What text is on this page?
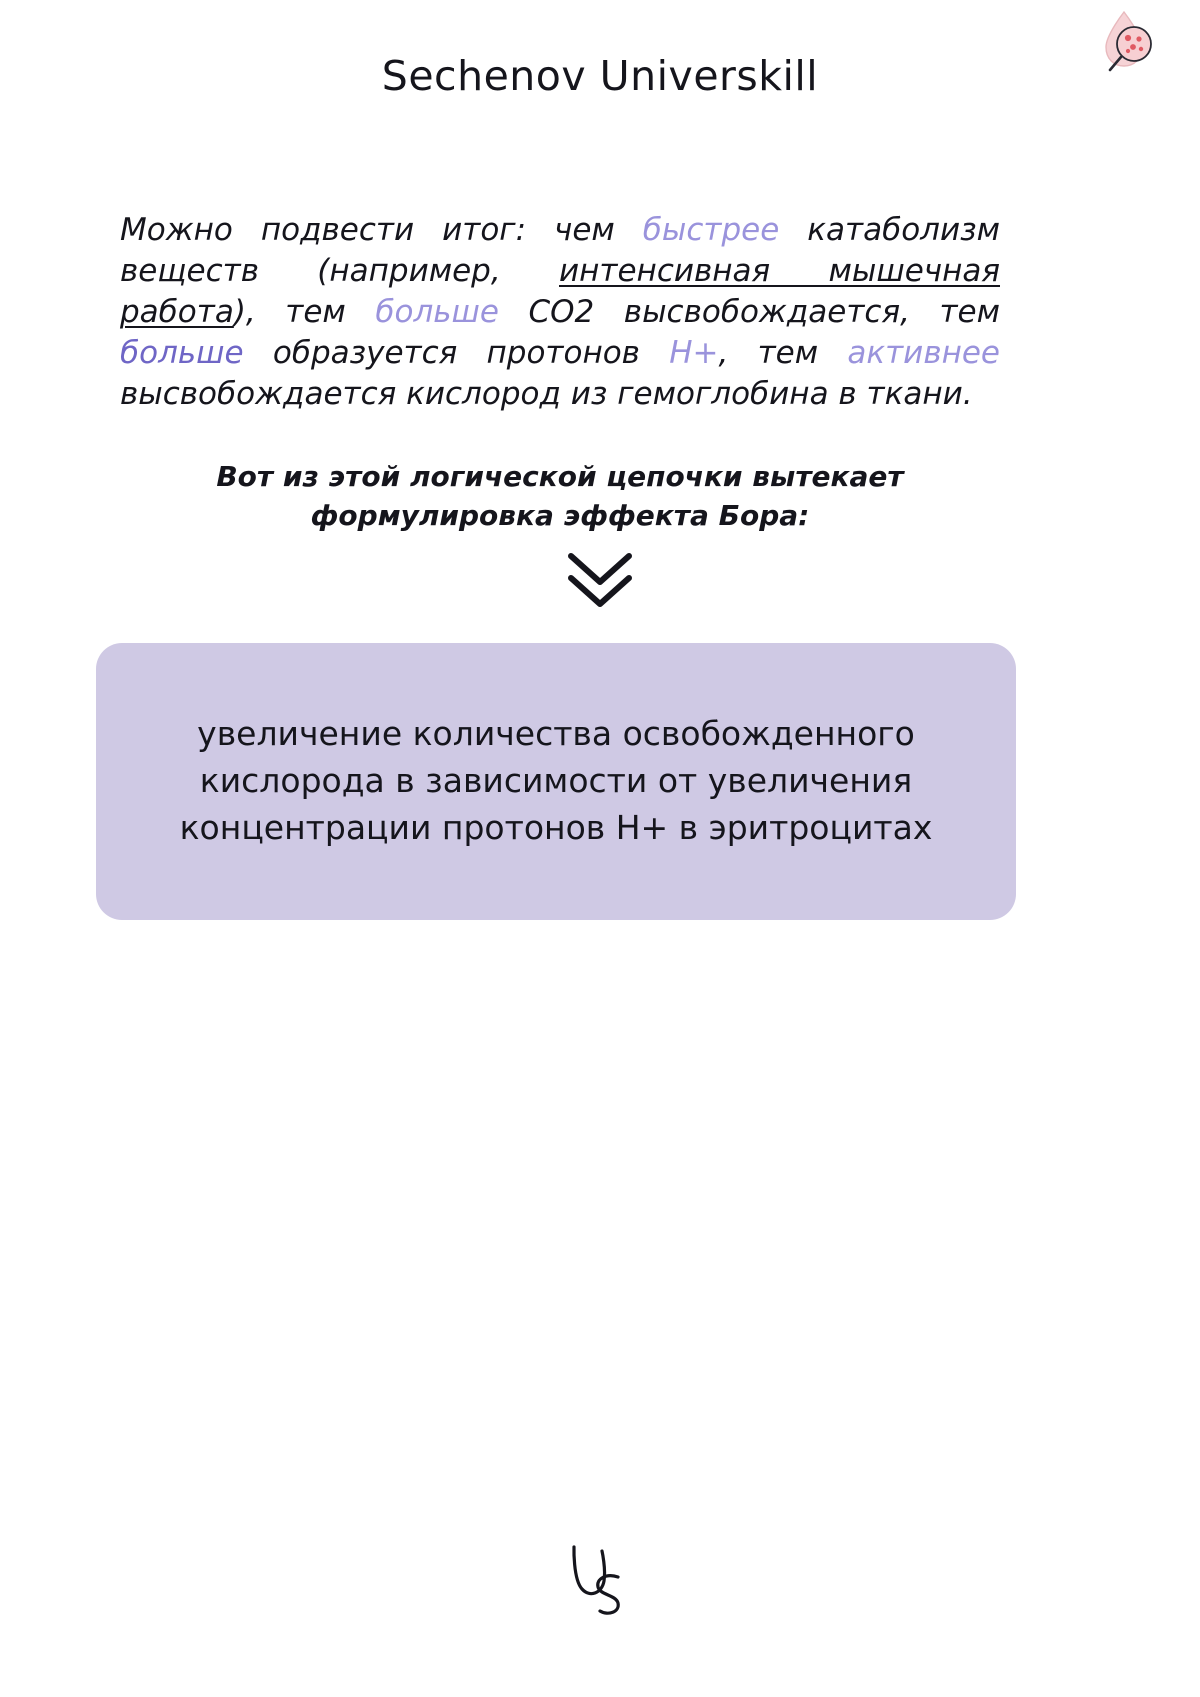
Sechenov Universkill

Можно подвести итог: чем быстрее катаболизм веществ (например, интенсивная мышечная работа), тем больше CO2 высвобождается, тем больше образуется протонов H+, тем активнее высвобождается кислород из гемоглобина в ткани.

Вот из этой логической цепочки вытекает формулировка эффекта Бора:

увеличение количества освобожденного кислорода в зависимости от увеличения концентрации протонов H+ в эритроцитах
